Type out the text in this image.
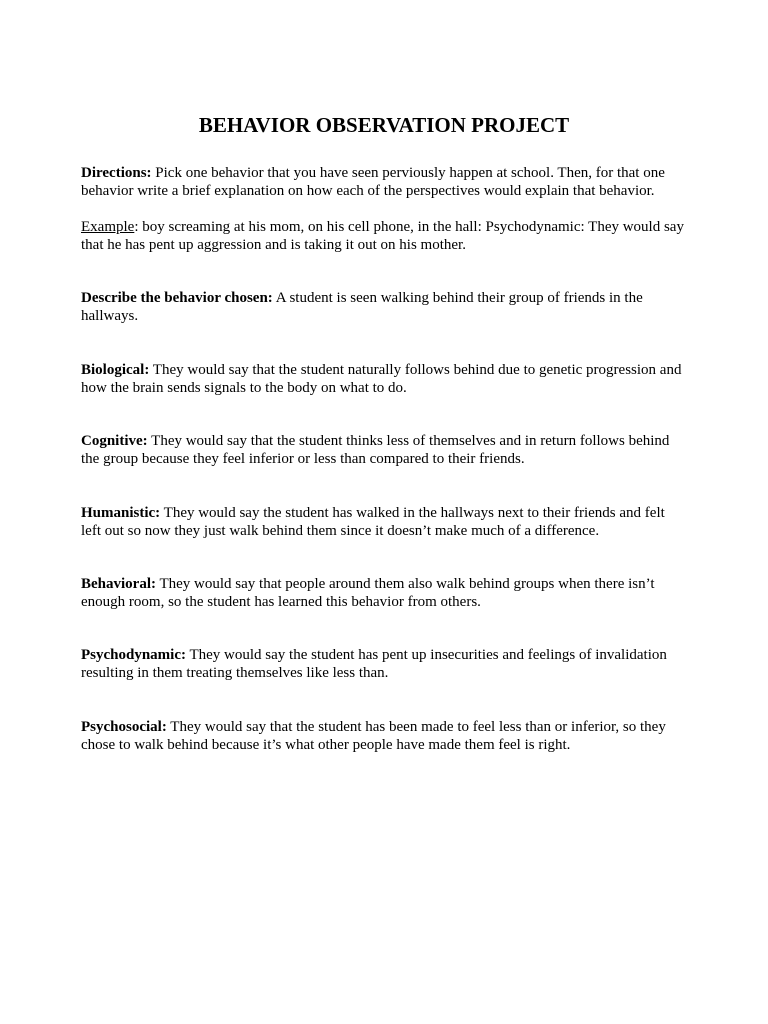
BEHAVIOR OBSERVATION PROJECT

Directions: Pick one behavior that you have seen perviously happen at school. Then, for that one behavior write a brief explanation on how each of the perspectives would explain that behavior.

Example: boy screaming at his mom, on his cell phone, in the hall: Psychodynamic: They would say that he has pent up aggression and is taking it out on his mother.

Describe the behavior chosen: A student is seen walking behind their group of friends in the hallways.

Biological: They would say that the student naturally follows behind due to genetic progression and how the brain sends signals to the body on what to do.

Cognitive: They would say that the student thinks less of themselves and in return follows behind the group because they feel inferior or less than compared to their friends.

Humanistic: They would say the student has walked in the hallways next to their friends and felt left out so now they just walk behind them since it doesn’t make much of a difference.

Behavioral: They would say that people around them also walk behind groups when there isn’t enough room, so the student has learned this behavior from others.

Psychodynamic: They would say the student has pent up insecurities and feelings of invalidation resulting in them treating themselves like less than.

Psychosocial: They would say that the student has been made to feel less than or inferior, so they chose to walk behind because it’s what other people have made them feel is right.
